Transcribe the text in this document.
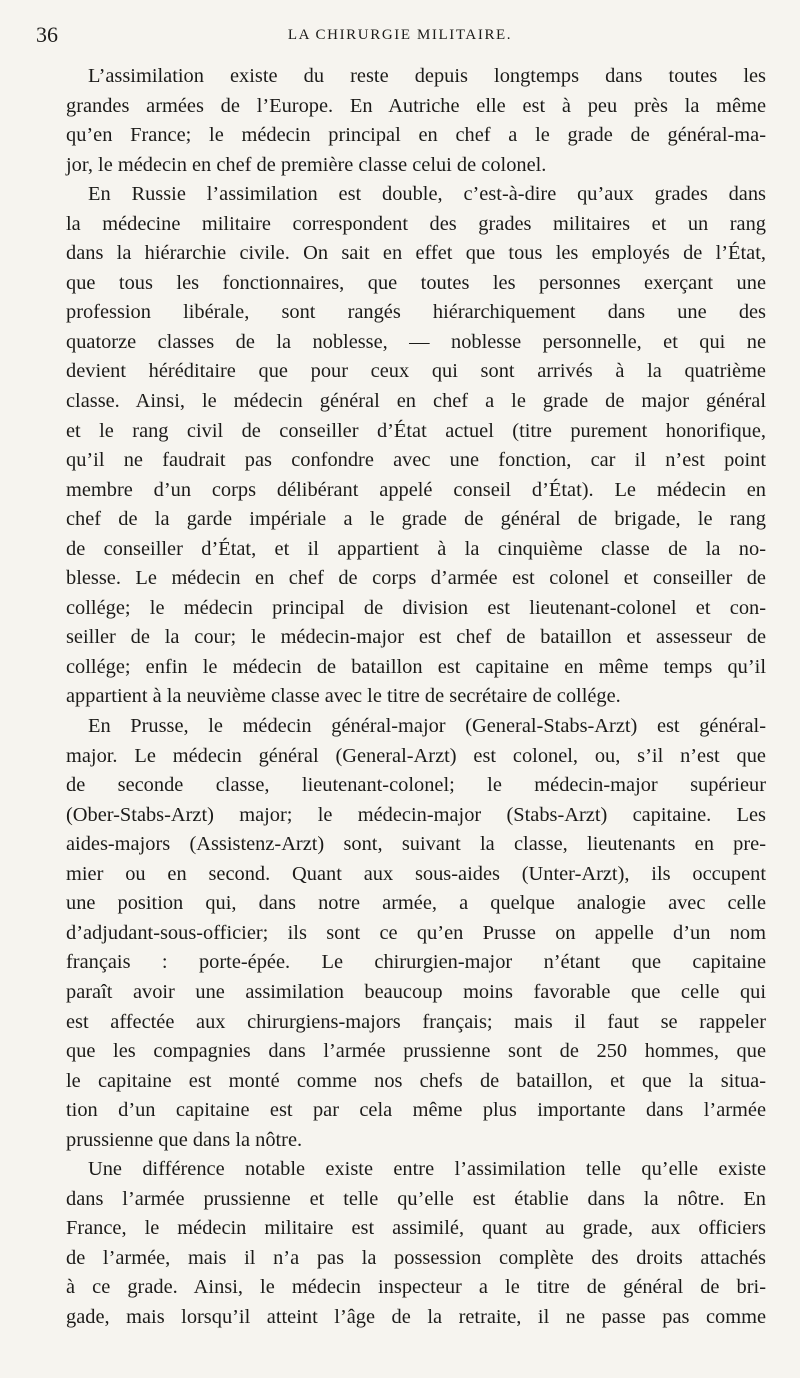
36	LA CHIRURGIE MILITAIRE.
L’assimilation existe du reste depuis longtemps dans toutes les
grandes armées de l’Europe. En Autriche elle est à peu près la même
qu’en France; le médecin principal en chef a le grade de général-ma-
jor, le médecin en chef de première classe celui de colonel.
En Russie l’assimilation est double, c’est-à-dire qu’aux grades dans
la médecine militaire correspondent des grades militaires et un rang
dans la hiérarchie civile. On sait en effet que tous les employés de l’État,
que tous les fonctionnaires, que toutes les personnes exerçant une
profession libérale, sont rangés hiérarchiquement dans une des
quatorze classes de la noblesse, — noblesse personnelle, et qui ne
devient héréditaire que pour ceux qui sont arrivés à la quatrième
classe. Ainsi, le médecin général en chef a le grade de major général
et le rang civil de conseiller d’État actuel (titre purement honorifique,
qu’il ne faudrait pas confondre avec une fonction, car il n’est point
membre d’un corps délibérant appelé conseil d’État). Le médecin en
chef de la garde impériale a le grade de général de brigade, le rang
de conseiller d’État, et il appartient à la cinquième classe de la no-
blesse. Le médecin en chef de corps d’armée est colonel et conseiller de
collége; le médecin principal de division est lieutenant-colonel et con-
seiller de la cour; le médecin-major est chef de bataillon et assesseur de
collége; enfin le médecin de bataillon est capitaine en même temps qu’il
appartient à la neuvième classe avec le titre de secrétaire de collége.
En Prusse, le médecin général-major (General-Stabs-Arzt) est général-
major. Le médecin général (General-Arzt) est colonel, ou, s’il n’est que
de seconde classe, lieutenant-colonel; le médecin-major supérieur
(Ober-Stabs-Arzt) major; le médecin-major (Stabs-Arzt) capitaine. Les
aides-majors (Assistenz-Arzt) sont, suivant la classe, lieutenants en pre-
mier ou en second. Quant aux sous-aides (Unter-Arzt), ils occupent
une position qui, dans notre armée, a quelque analogie avec celle
d’adjudant-sous-officier; ils sont ce qu’en Prusse on appelle d’un nom
français : porte-épée. Le chirurgien-major n’étant que capitaine
paraît avoir une assimilation beaucoup moins favorable que celle qui
est affectée aux chirurgiens-majors français; mais il faut se rappeler
que les compagnies dans l’armée prussienne sont de 250 hommes, que
le capitaine est monté comme nos chefs de bataillon, et que la situa-
tion d’un capitaine est par cela même plus importante dans l’armée
prussienne que dans la nôtre.
Une différence notable existe entre l’assimilation telle qu’elle existe
dans l’armée prussienne et telle qu’elle est établie dans la nôtre. En
France, le médecin militaire est assimilé, quant au grade, aux officiers
de l’armée, mais il n’a pas la possession complète des droits attachés
à ce grade. Ainsi, le médecin inspecteur a le titre de général de bri-
gade, mais lorsqu’il atteint l’âge de la retraite, il ne passe pas comme
